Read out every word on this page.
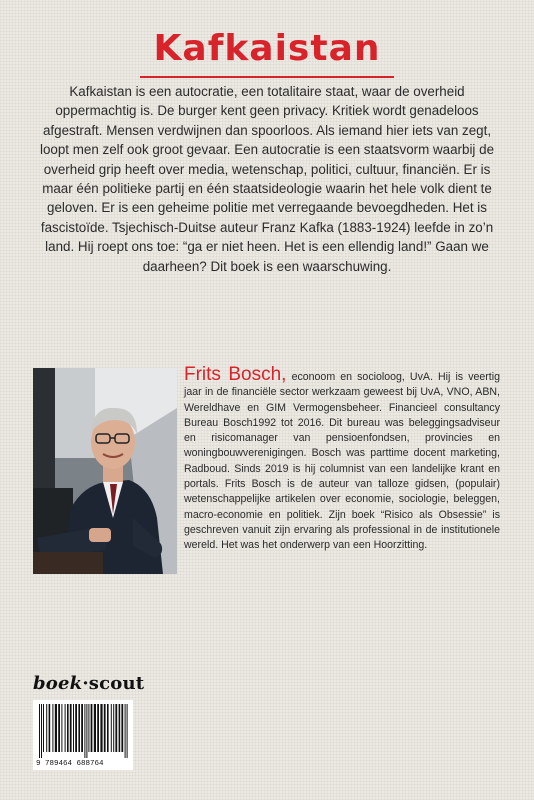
Kafkaistan

Kafkaistan is een autocratie, een totalitaire staat, waar de overheid oppermachtig is. De burger kent geen privacy. Kritiek wordt genadeloos afgestraft. Mensen verdwijnen dan spoorloos. Als iemand hier iets van zegt, loopt men zelf ook groot gevaar. Een autocratie is een staatsvorm waarbij de overheid grip heeft over media, wetenschap, politici, cultuur, financiën. Er is maar één politieke partij en één staatsideologie waarin het hele volk dient te geloven. Er is een geheime politie met verregaande bevoegdheden. Het is fascistoïde. Tsjechisch-Duitse auteur Franz Kafka (1883-1924) leefde in zo’n land. Hij roept ons toe: “ga er niet heen. Het is een ellendig land!” Gaan we daarheen? Dit boek is een waarschuwing.

Frits Bosch, econoom en socioloog, UvA. Hij is veertig jaar in de financiële sector werkzaam geweest bij UvA, VNO, ABN, Wereldhave en GIM Vermogensbeheer. Financieel consultancy Bureau Bosch1992 tot 2016. Dit bureau was beleggingsadviseur en risicomanager van pensioenfondsen, provincies en woningbouwverenigingen. Bosch was parttime docent marketing, Radboud. Sinds 2019 is hij columnist van een landelijke krant en portals. Frits Bosch is de auteur van talloze gidsen, (populair) wetenschappelijke artikelen over economie, sociologie, beleggen, macro-economie en politiek. Zijn boek “Risico als Obsessie” is geschreven vanuit zijn ervaring als professional in de institutionele wereld. Het was het onderwerp van een Hoorzitting.

boek·scout

9 789464 688764
